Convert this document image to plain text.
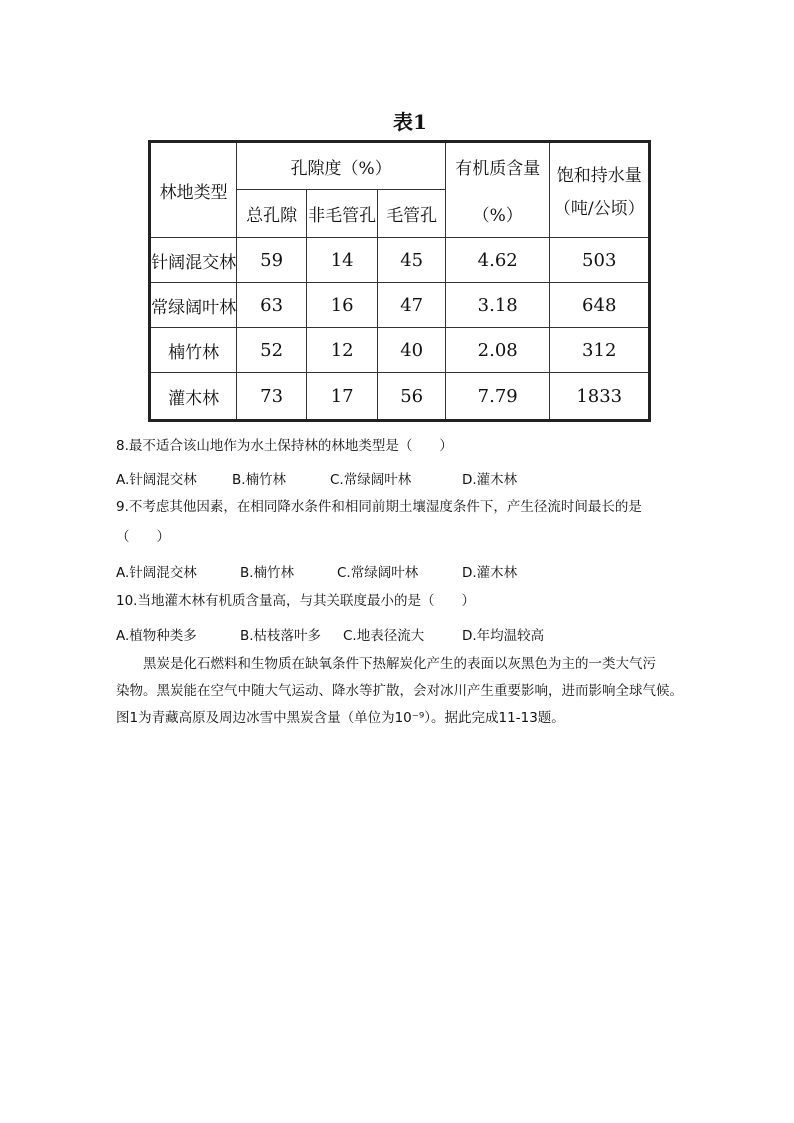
表1
林地类型	孔隙度（%）			有机质含量	饱和持水量
（吨/公顷）

	总孔隙	非毛管孔	毛管孔	（%）	
针阔混交林	59	14	45	4.62	503
常绿阔叶林	63	16	47	3.18	648
楠竹林	52	12	40	2.08	312
灌木林	73	17	56	7.79	1833
8.最不适合该山地作为水土保持林的林地类型是（　　）
A.针阔混交林	B.楠竹林	C.常绿阔叶林	D.灌木林
9.不考虑其他因素，在相同降水条件和相同前期土壤湿度条件下，产生径流时间最长的是
（　　）
A.针阔混交林	B.楠竹林	C.常绿阔叶林	D.灌木林
10.当地灌木林有机质含量高，与其关联度最小的是（　　）
A.植物种类多	B.枯枝落叶多 C.地表径流大	D.年均温较高

　　黑炭是化石燃料和生物质在缺氧条件下热解炭化产生的表面以灰黑色为主的一类大气污

染物。黑炭能在空气中随大气运动、降水等扩散，会对冰川产生重要影响，进而影响全球气候。

图1为青藏高原及周边冰雪中黑炭含量（单位为10⁻⁹）。据此完成11-13题。
